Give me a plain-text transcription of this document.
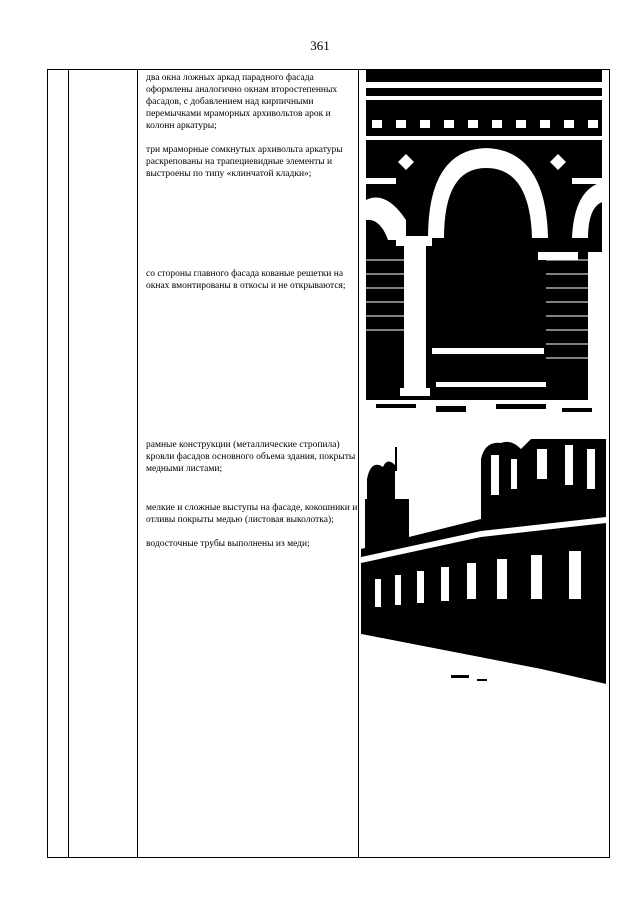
361
два окна ложных аркад парадного фасада оформлены аналогично окнам второстепенных фасадов, с добавлением над кирпичными перемычками мраморных архивольтов арок и колонн аркатуры;
три мраморные сомкнутых архивольта аркатуры раскрепованы на трапециевидные элементы и выстроены по типу «клинчатой кладки»;
со стороны главного фасада кованые решетки на окнах вмонтированы в откосы и не открываются;
рамные конструкции (металлические стропила) кровли фасадов основного объема здания, покрыты медными листами;
мелкие и сложные выступы на фасаде, кокошники и отливы покрыты медью (листовая выколотка);
водосточные трубы выполнены из меди;
